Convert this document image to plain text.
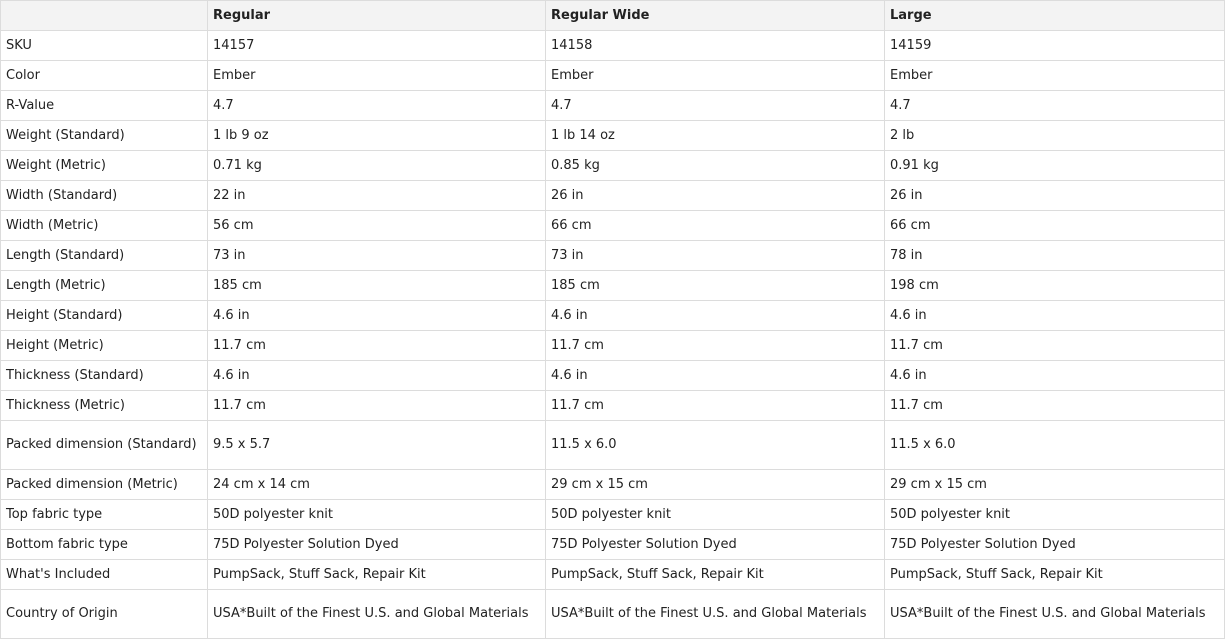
	Regular	Regular Wide	Large
SKU	14157	14158	14159
Color	Ember	Ember	Ember
R-Value	4.7	4.7	4.7
Weight (Standard)	1 lb 9 oz	1 lb 14 oz	2 lb
Weight (Metric)	0.71 kg	0.85 kg	0.91 kg
Width (Standard)	22 in	26 in	26 in
Width (Metric)	56 cm	66 cm	66 cm
Length (Standard)	73 in	73 in	78 in
Length (Metric)	185 cm	185 cm	198 cm
Height (Standard)	4.6 in	4.6 in	4.6 in
Height (Metric)	11.7 cm	11.7 cm	11.7 cm
Thickness (Standard)	4.6 in	4.6 in	4.6 in
Thickness (Metric)	11.7 cm	11.7 cm	11.7 cm
Packed dimension (Standard)	9.5 x 5.7	11.5 x 6.0	11.5 x 6.0
Packed dimension (Metric)	24 cm x 14 cm	29 cm x 15 cm	29 cm x 15 cm
Top fabric type	50D polyester knit	50D polyester knit	50D polyester knit
Bottom fabric type	75D Polyester Solution Dyed	75D Polyester Solution Dyed	75D Polyester Solution Dyed
What's Included	PumpSack, Stuff Sack, Repair Kit	PumpSack, Stuff Sack, Repair Kit	PumpSack, Stuff Sack, Repair Kit
Country of Origin	USA*Built of the Finest U.S. and Global Materials	USA*Built of the Finest U.S. and Global Materials	USA*Built of the Finest U.S. and Global Materials
